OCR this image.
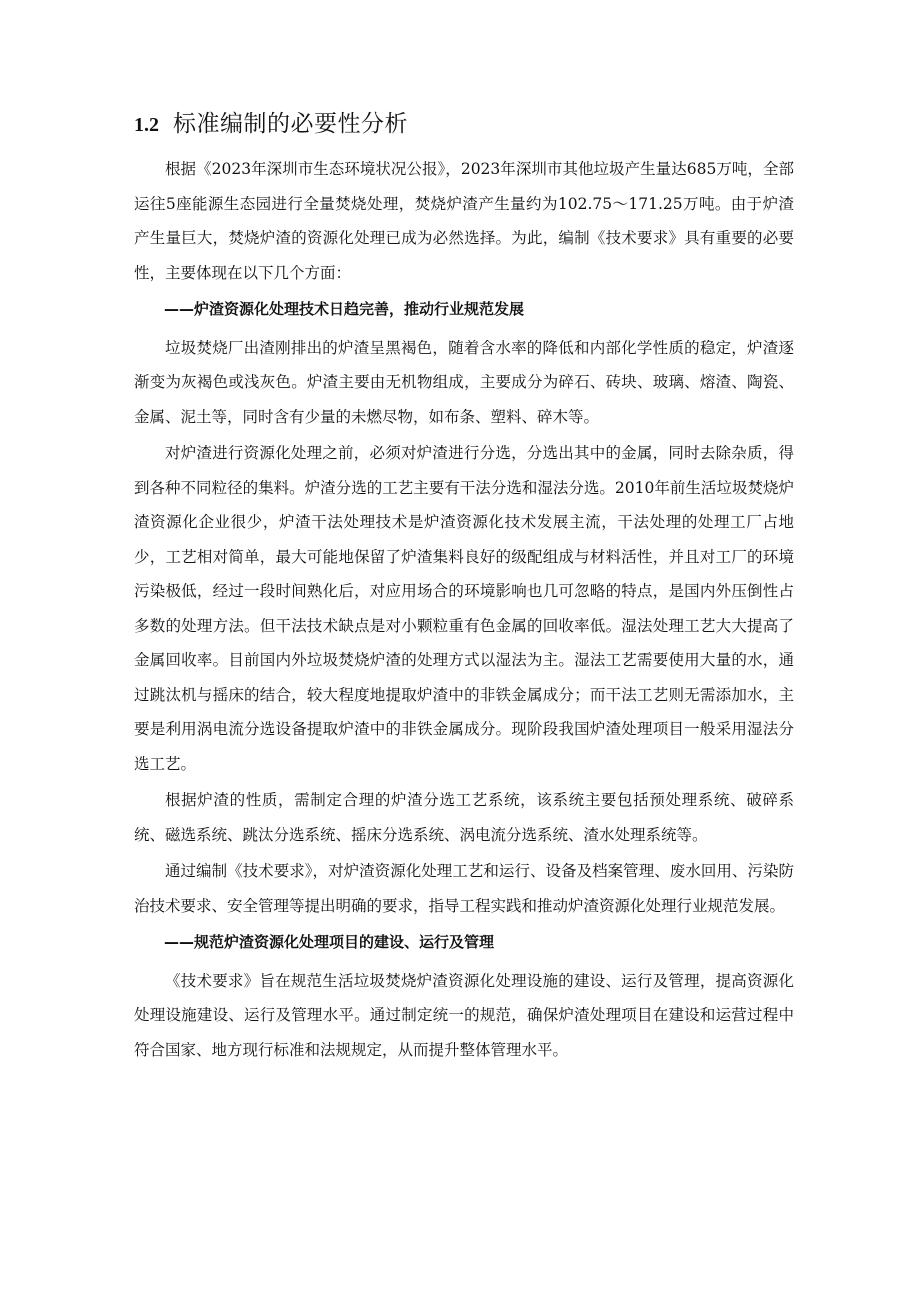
1.2 标准编制的必要性分析

根据《2023年深圳市生态环境状况公报》，2023年深圳市其他垃圾产生量达685万吨，全部运往5座能源生态园进行全量焚烧处理，焚烧炉渣产生量约为102.75～171.25万吨。由于炉渣产生量巨大，焚烧炉渣的资源化处理已成为必然选择。为此，编制《技术要求》具有重要的必要性，主要体现在以下几个方面：

——炉渣资源化处理技术日趋完善，推动行业规范发展

垃圾焚烧厂出渣刚排出的炉渣呈黑褐色，随着含水率的降低和内部化学性质的稳定，炉渣逐渐变为灰褐色或浅灰色。炉渣主要由无机物组成，主要成分为碎石、砖块、玻璃、熔渣、陶瓷、金属、泥土等，同时含有少量的未燃尽物，如布条、塑料、碎木等。

对炉渣进行资源化处理之前，必须对炉渣进行分选，分选出其中的金属，同时去除杂质，得到各种不同粒径的集料。炉渣分选的工艺主要有干法分选和湿法分选。2010年前生活垃圾焚烧炉渣资源化企业很少，炉渣干法处理技术是炉渣资源化技术发展主流，干法处理的处理工厂占地少，工艺相对简单，最大可能地保留了炉渣集料良好的级配组成与材料活性，并且对工厂的环境污染极低，经过一段时间熟化后，对应用场合的环境影响也几可忽略的特点，是国内外压倒性占多数的处理方法。但干法技术缺点是对小颗粒重有色金属的回收率低。湿法处理工艺大大提高了金属回收率。目前国内外垃圾焚烧炉渣的处理方式以湿法为主。湿法工艺需要使用大量的水，通过跳汰机与摇床的结合，较大程度地提取炉渣中的非铁金属成分；而干法工艺则无需添加水，主要是利用涡电流分选设备提取炉渣中的非铁金属成分。现阶段我国炉渣处理项目一般采用湿法分选工艺。

根据炉渣的性质，需制定合理的炉渣分选工艺系统，该系统主要包括预处理系统、破碎系统、磁选系统、跳汰分选系统、摇床分选系统、涡电流分选系统、渣水处理系统等。

通过编制《技术要求》，对炉渣资源化处理工艺和运行、设备及档案管理、废水回用、污染防治技术要求、安全管理等提出明确的要求，指导工程实践和推动炉渣资源化处理行业规范发展。

——规范炉渣资源化处理项目的建设、运行及管理

《技术要求》旨在规范生活垃圾焚烧炉渣资源化处理设施的建设、运行及管理，提高资源化处理设施建设、运行及管理水平。通过制定统一的规范，确保炉渣处理项目在建设和运营过程中符合国家、地方现行标准和法规规定，从而提升整体管理水平。
